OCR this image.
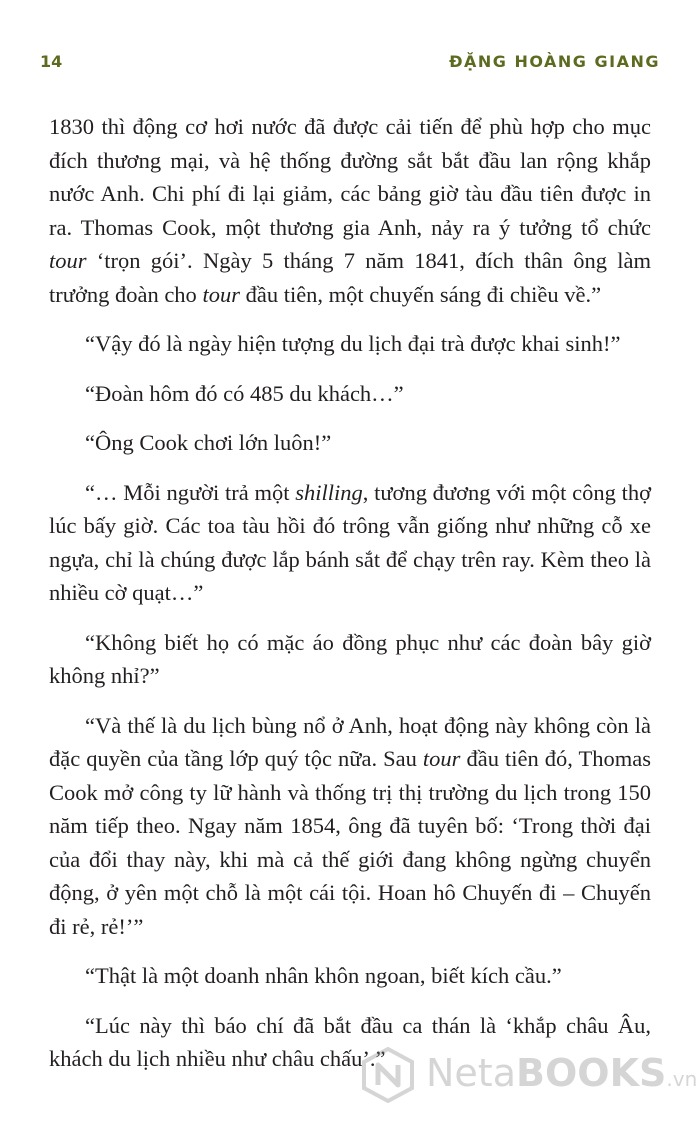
14	ĐẶNG HOÀNG GIANG

1830 thì động cơ hơi nước đã được cải tiến để phù hợp cho mục đích thương mại, và hệ thống đường sắt bắt đầu lan rộng khắp nước Anh. Chi phí đi lại giảm, các bảng giờ tàu đầu tiên được in ra. Thomas Cook, một thương gia Anh, nảy ra ý tưởng tổ chức tour ‘trọn gói’. Ngày 5 tháng 7 năm 1841, đích thân ông làm trưởng đoàn cho tour đầu tiên, một chuyến sáng đi chiều về.”

“Vậy đó là ngày hiện tượng du lịch đại trà được khai sinh!”

“Đoàn hôm đó có 485 du khách…”

“Ông Cook chơi lớn luôn!”

“… Mỗi người trả một shilling, tương đương với một công thợ lúc bấy giờ. Các toa tàu hồi đó trông vẫn giống như những cỗ xe ngựa, chỉ là chúng được lắp bánh sắt để chạy trên ray. Kèm theo là nhiều cờ quạt…”

“Không biết họ có mặc áo đồng phục như các đoàn bây giờ không nhỉ?”

“Và thế là du lịch bùng nổ ở Anh, hoạt động này không còn là đặc quyền của tầng lớp quý tộc nữa. Sau tour đầu tiên đó, Thomas Cook mở công ty lữ hành và thống trị thị trường du lịch trong 150 năm tiếp theo. Ngay năm 1854, ông đã tuyên bố: ‘Trong thời đại của đổi thay này, khi mà cả thế giới đang không ngừng chuyển động, ở yên một chỗ là một cái tội. Hoan hô Chuyến đi – Chuyến đi rẻ, rẻ!’”

“Thật là một doanh nhân khôn ngoan, biết kích cầu.”

“Lúc này thì báo chí đã bắt đầu ca thán là ‘khắp châu Âu, khách du lịch nhiều như châu chấu’.”	NetaBOOKS.vn
